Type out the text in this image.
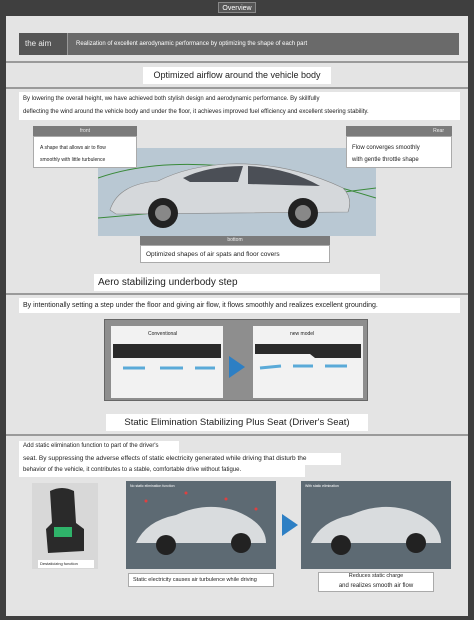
Overview
the aim	Realization of excellent aerodynamic performance by optimizing the shape of each part
Optimized airflow around the vehicle body
By lowering the overall height, we have achieved both stylish design and aerodynamic performance. By skillfully
deflecting the wind around the vehicle body and under the floor, it achieves improved fuel efficiency and excellent steering stability.
front
A shape that allows air to flow
smoothly with little turbulence
Rear
Flow converges smoothly
with gentle throttle shape
bottom
Optimized shapes of air spats and floor covers
Aero stabilizing underbody step
By intentionally setting a step under the floor and giving air flow, it flows smoothly and realizes excellent grounding.
Conventional	new model
Static Elimination Stabilizing Plus Seat (Driver's Seat)
Add static elimination function to part of the driver's
seat. By suppressing the adverse effects of static electricity generated while driving that disturb the
behavior of the vehicle, it contributes to a stable, comfortable drive without fatigue.
Destaticizing function
No static elimination function
Static electricity causes air turbulence while driving
With static elimination
Reduces static charge
and realizes smooth air flow
